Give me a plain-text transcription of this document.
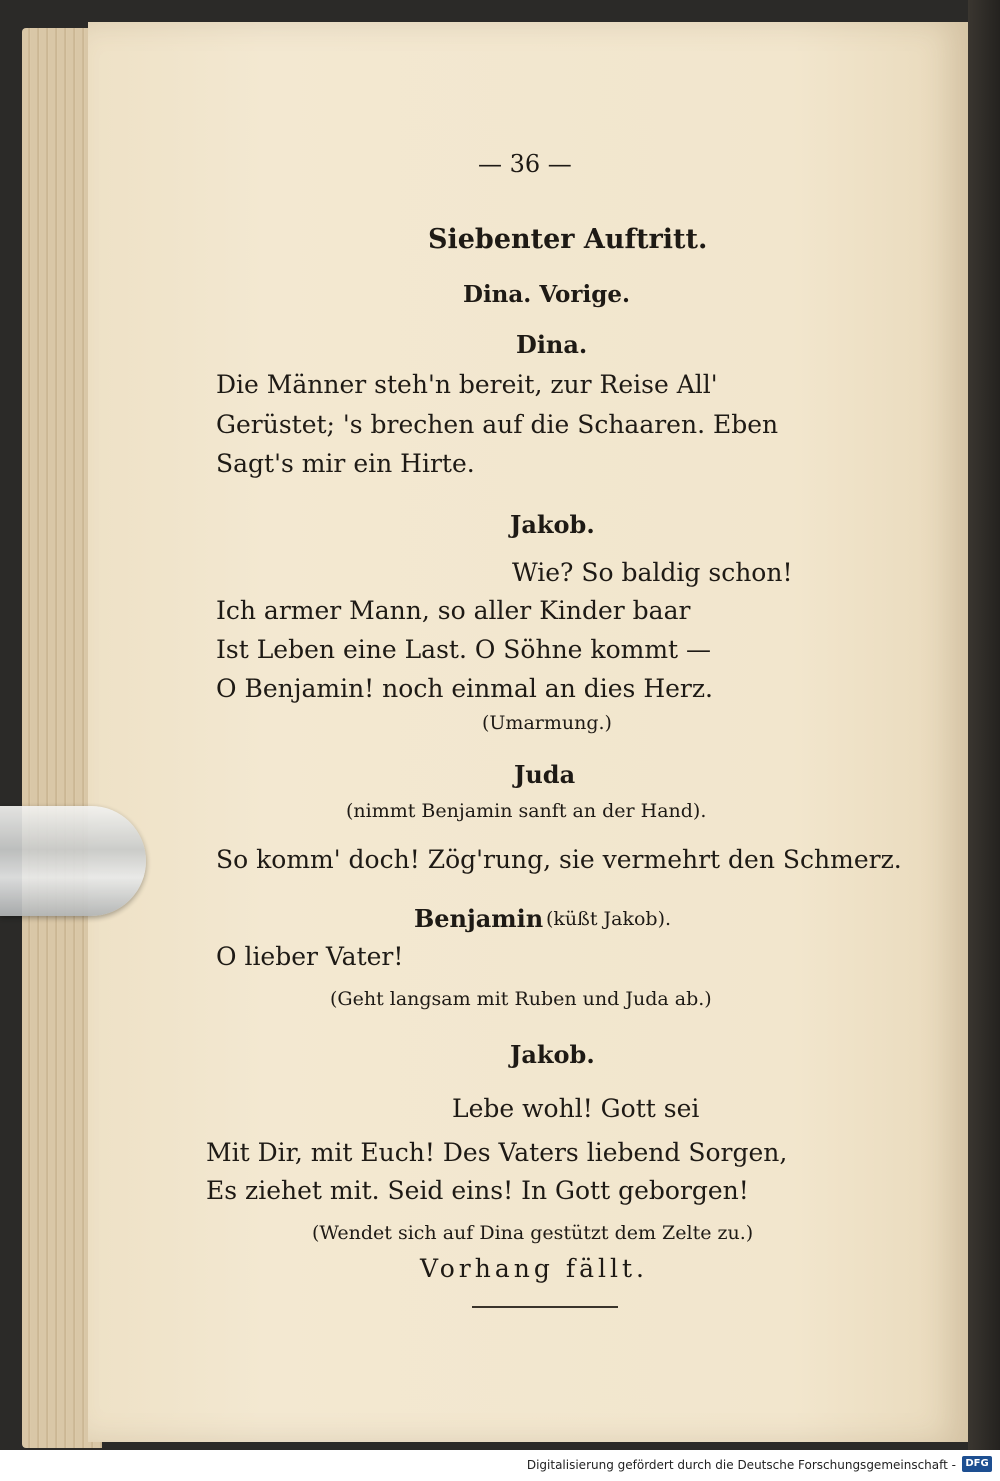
— 36 —
Siebenter Auftritt.
Dina. Vorige.
Dina.
Die Männer steh'n bereit, zur Reise All'
Gerüstet; 's brechen auf die Schaaren. Eben
Sagt's mir ein Hirte.
Jakob.
Wie? So baldig schon!
Ich armer Mann, so aller Kinder baar
Ist Leben eine Last. O Söhne kommt —
O Benjamin! noch einmal an dies Herz.
(Umarmung.)
Juda
(nimmt Benjamin sanft an der Hand).
So komm' doch! Zög'rung, sie vermehrt den Schmerz.
Benjamin (küßt Jakob).
O lieber Vater!
(Geht langsam mit Ruben und Juda ab.)
Jakob.
Lebe wohl! Gott sei
Mit Dir, mit Euch! Des Vaters liebend Sorgen,
Es ziehet mit. Seid eins! In Gott geborgen!
(Wendet sich auf Dina gestützt dem Zelte zu.)
Vorhang fällt.
Digitalisierung gefördert durch die Deutsche Forschungsgemeinschaft - DFG
